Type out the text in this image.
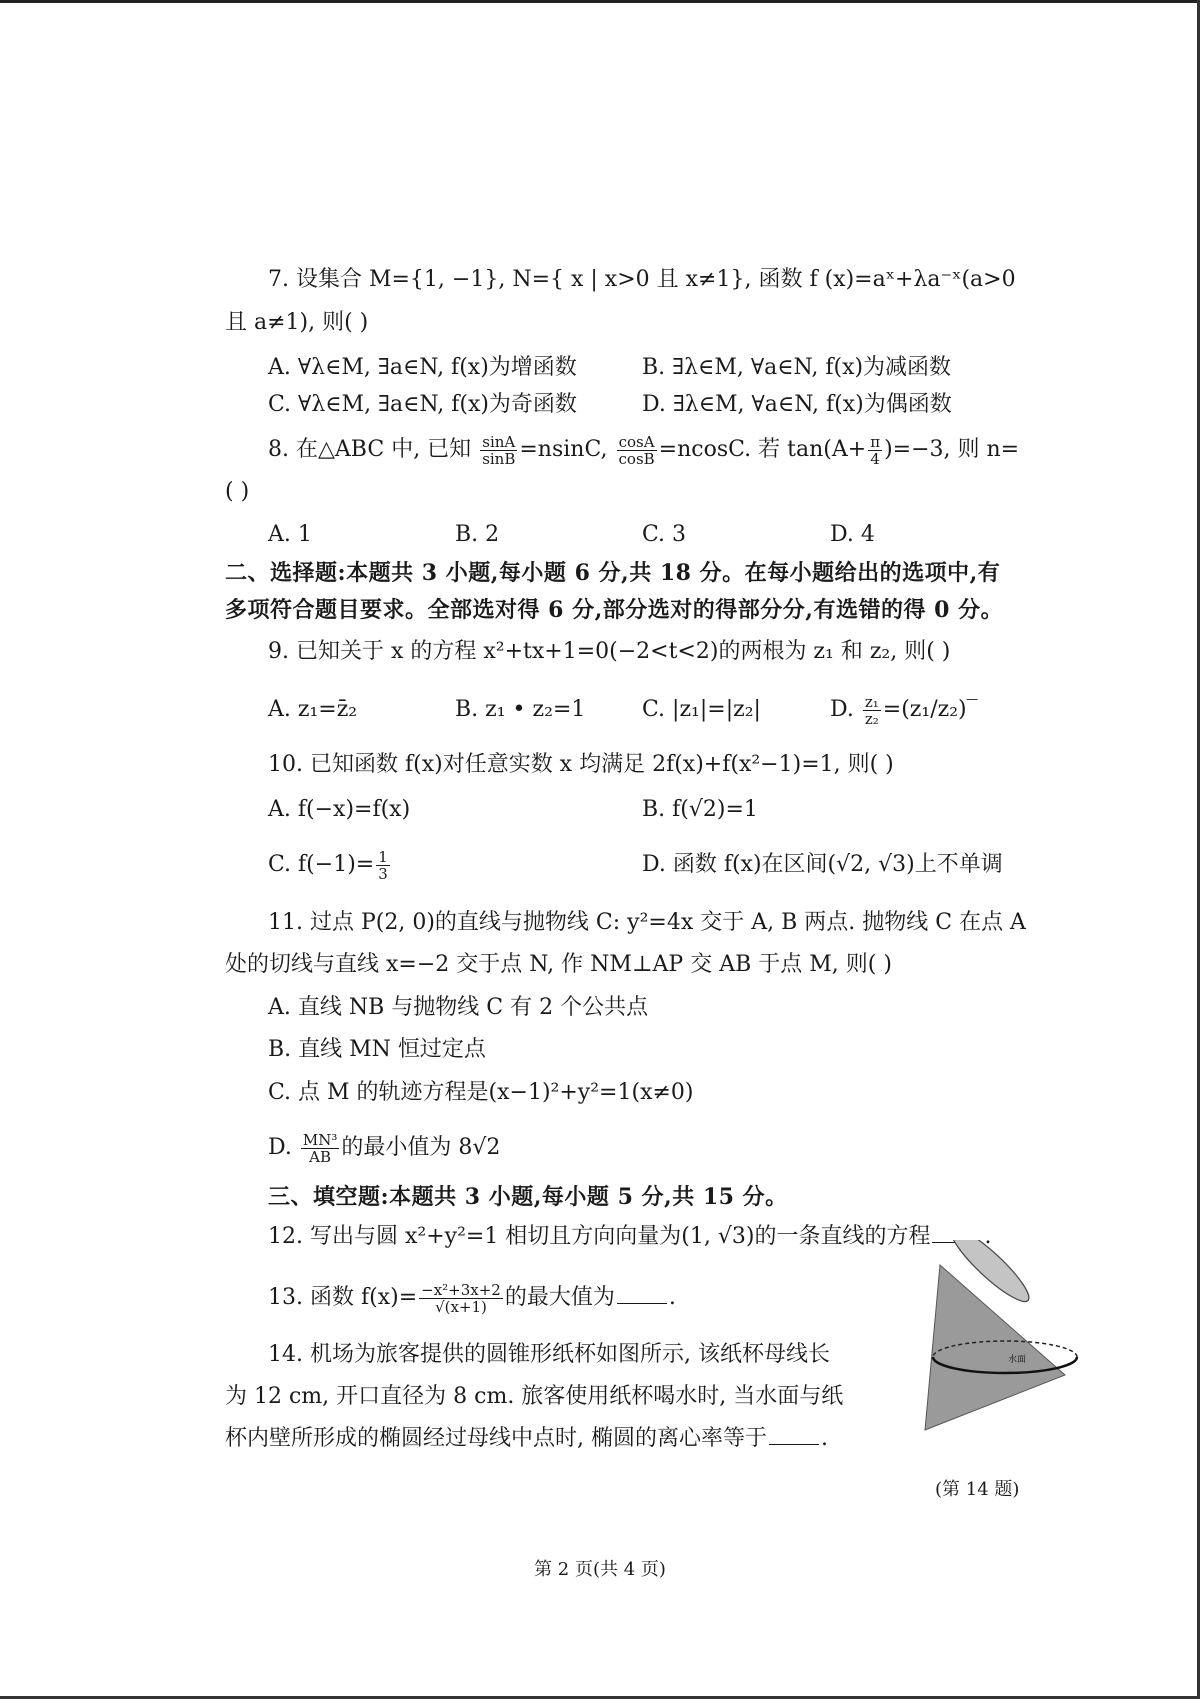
7. 设集合 M={1, −1}, N={ x | x>0 且 x≠1}, 函数 f (x)=aˣ+λa⁻ˣ(a>0
且 a≠1), 则( )
A. ∀λ∈M, ∃a∈N, f(x)为增函数	B. ∃λ∈M, ∀a∈N, f(x)为减函数
C. ∀λ∈M, ∃a∈N, f(x)为奇函数	D. ∃λ∈M, ∀a∈N, f(x)为偶函数
8. 在△ABC 中, 已知 $\frac{\sin A}{\sin B} =nsinC$, $\frac{\cos A}{\cos B} =ncosC$. 若 $\tan(A+ \frac{\pi}{4} )=-3$, 则 n=
( )
A. 1	B. 2	C. 3	D. 4
二、选择题:本题共 3 小题,每小题 6 分,共 18 分。在每小题给出的选项中,有
多项符合题目要求。全部选对得 6 分,部分选对的得部分分,有选错的得 0 分。
9. 已知关于 x 的方程 x²+tx+1=0(−2<t<2)的两根为 z₁ 和 z₂, 则( )
A. z₁=z̄₂	B. z₁ • z₂=1	C. |z₁|=|z₂|	D. $\frac{\text{z₁}}{\text{z₂}}$ =(z₁/z₂)‾
10. 已知函数 f(x)对任意实数 x 均满足 2f(x)+f(x²−1)=1, 则( )
A. f(−x)=f(x)	B. f(√2)=1
C. $f(-1)= \frac{1}{3}$	D. 函数 f(x)在区间(√2, √3)上不单调
11. 过点 P(2, 0)的直线与抛物线 C: y²=4x 交于 A, B 两点. 抛物线 C 在点 A
处的切线与直线 x=−2 交于点 N, 作 NM⊥AP 交 AB 于点 M, 则( )
A. 直线 NB 与抛物线 C 有 2 个公共点
B. 直线 MN 恒过定点
C. 点 M 的轨迹方程是(x−1)²+y²=1(x≠0)
D. $\frac{\text{MN³}}{AB}$ 的最小值为 8√2
三、填空题:本题共 3 小题,每小题 5 分,共 15 分。
12. 写出与圆 x²+y²=1 相切且方向向量为(1, √3)的一条直线的方程 .
13. 函数 $f(x)= \frac{\text{−x²+3x+2}}{√(x+1)}$ 的最大值为 .
14. 机场为旅客提供的圆锥形纸杯如图所示, 该纸杯母线长
为 12 cm, 开口直径为 8 cm. 旅客使用纸杯喝水时, 当水面与纸
杯内壁所形成的椭圆经过母线中点时, 椭圆的离心率等于 .
水面
(第 14 题)
第 2 页(共 4 页)
